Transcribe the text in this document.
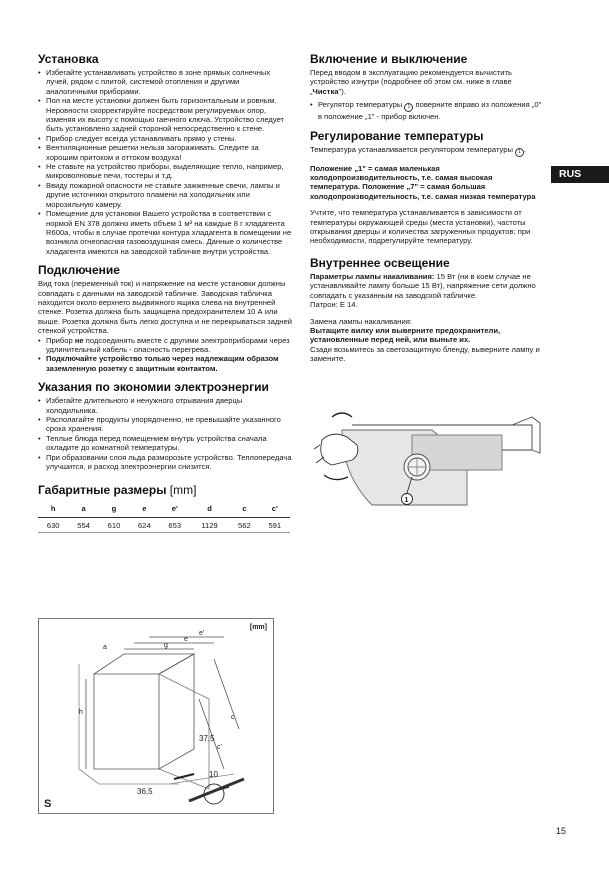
Установка
• Избегайте устанавливать устройство в зоне прямых солнечных лучей, рядом с плитой, системой отопления и другими аналогичными приборами.
• Пол на месте установки должен быть горизонтальным и ровным. Неровности скорректируйте посредством регулируемых опор, изменяя их высоту с помощью гаечного ключа. Устройство следует быть установлено задней стороной непосредственно к стене.
• Прибор следует всегда устанавливать прямо у стены.
• Вентиляционные решетки нельзя загораживать. Следите за хорошим притоком и оттоком воздуха!
• Не ставьте на устройство приборы, выделяющие тепло, например, микроволновые печи, тостеры и т.д.
• Ввиду пожарной опасности не ставьте зажженные свечи, лампы и другие источники открытого пламени на холодильник или морозильную камеру.
• Помещение для установки Вашего устройства в соответствии с нормой EN 378 должно иметь объем 1 м³ на каждые 8 г хладагента R600a, чтобы в случае протечки контура хладагента в помещении не возникла огнеопасная газовоздушная смесь. Данные о количестве хладагента имеются на заводской табличке внутри устройства.
Подключение

Вид тока (переменный ток) и напряжение на месте установки должны совпадать с данными на заводской табличке. Заводская табличка находится около верхнего выдвижного ящика слева на внутренней стенке. Розетка должна быть защищена предохранителем 10 А или выше. Розетка должна быть легко доступна и не перекрываться задней стенкой устройства.

• Прибор не подсоединять вместе с другими электроприборами через удлинительный кабель - опасность перегрева.
• Подключайте устройство только через надлежащим образом заземленную розетку с защитным контактом.
Указания по экономии электроэнергии
• Избегайте длительного и ненужного отрывания дверцы холодильника.
• Располагайте продукты упорядоченно, не превышайте указанного срока хранения.
• Теплые блюда перед помещением внутрь устройства сначала охладите до комнатной температуры.
• При образовании слоя льда разморозьте устройство. Теплопередача улучшится, и расход электроэнергии снизится.
Габаритные размеры [mm]
h	a	g	e	e'	d	c	c'
630	554	610	624	653	1129	562	591
[mm]
a	g
e
e'
h
c
c'
37,5
36,5
10
S
Включение и выключение

Перед вводом в эксплуатацию рекомендуется вычистить устройство изнутри (подробнее об этом см. ниже в главе „Чистка").

• Регулятор температуры 1 поверните вправо из положения „0" в положение „1" - прибор включен.
Регулирование температуры

Температура устанавливается регулятором температуры 1 .

Положение „1" = самая маленькая холодопроизводительность, т.е. самая высокая температура. Положение „7" = самая большая холодопроизводительность, т.е. самая низкая температура

Учтите, что температура устанавливается в зависимости от температуры окружающей среды (места установки), частоты открывания дверцы и количества загруженных продуктов; при необходимости, подрегулируйте температуру.

Внутреннее освещение

Параметры лампы накаливания: 15 Вт (ни в коем случае не устанавливайте лампу больше 15 Вт), напряжение сети должно совпадать с указанным на заводской табличке.

Патрон: Е 14.

Замена лампы накаливания:

Вытащите вилку или выверните предохранители, установленные перед ней, или выньте их.

Сзади возьмитесь за светозащитную бленду, выверните лампу и замените.

1
RUS
15
